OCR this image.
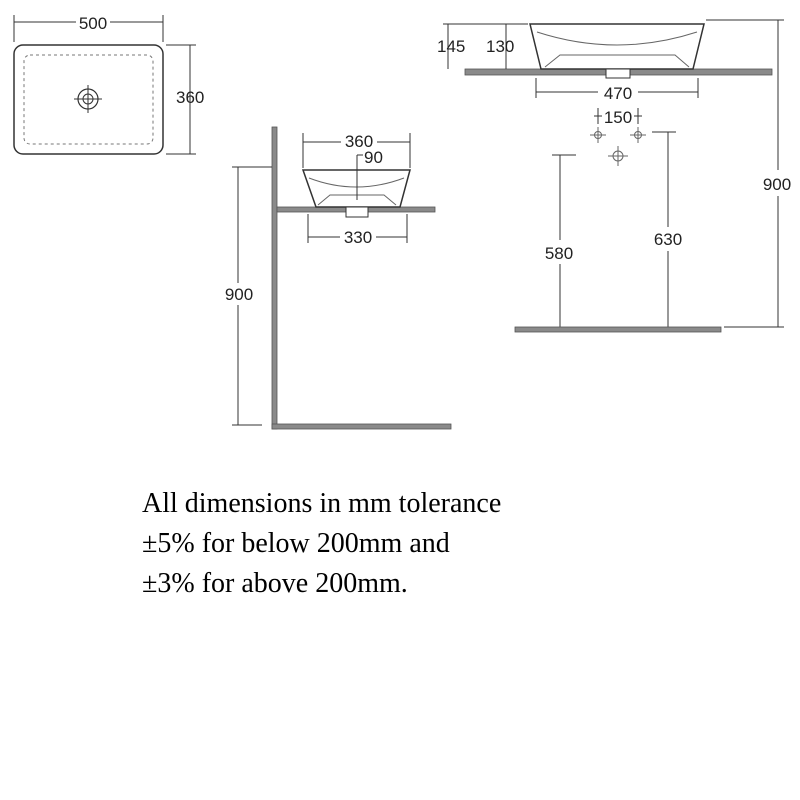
500
360
360
90
330
900
145 130
470
150
580
630
900
All dimensions in mm tolerance
±5% for below 200mm and
±3% for above 200mm.
